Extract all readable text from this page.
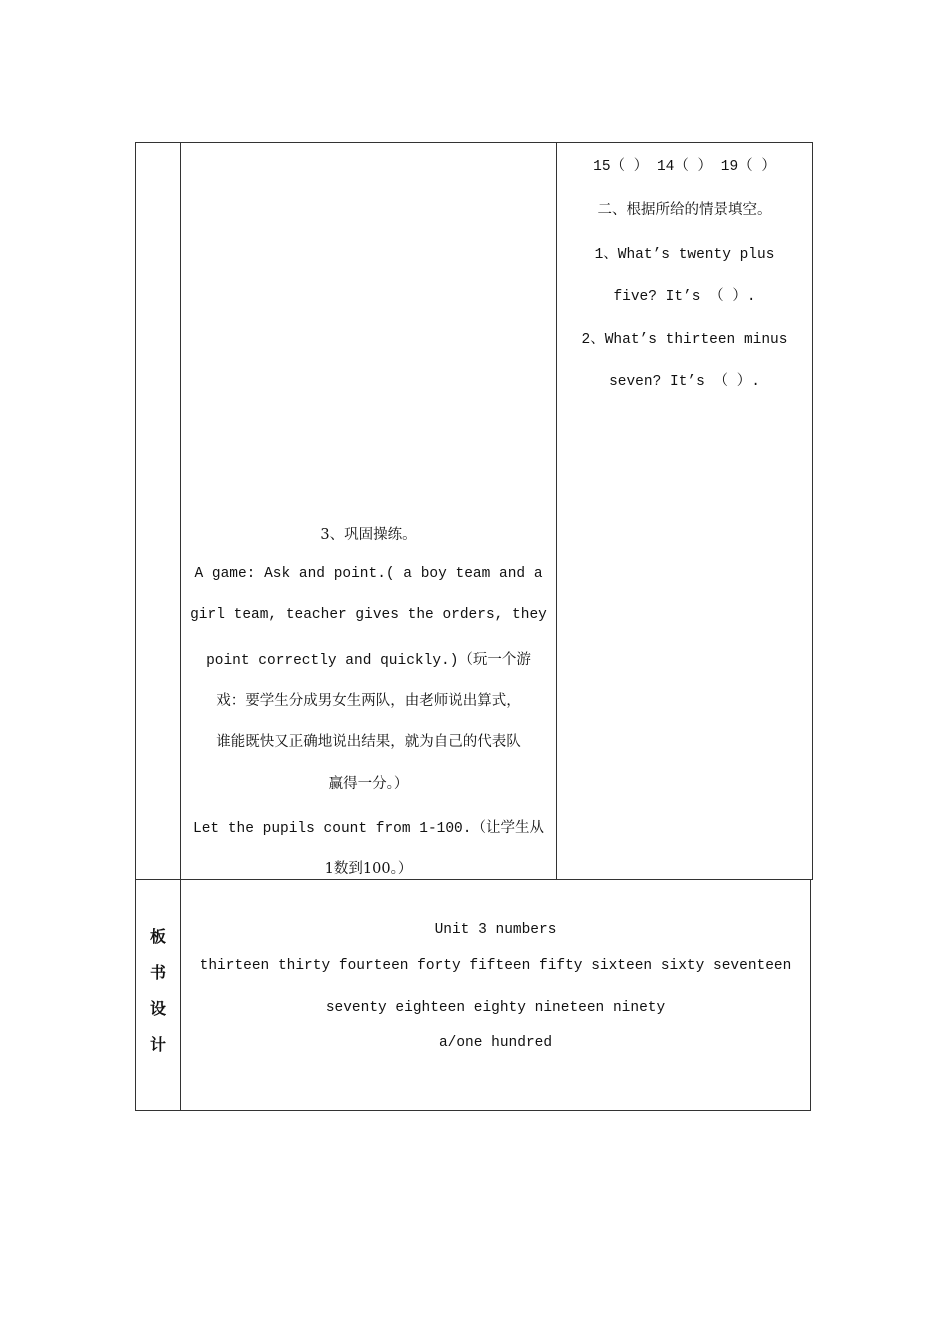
15（ ） 14（ ） 19（ ）
二、根据所给的情景填空。
1、What’s twenty plus
five? It’s （ ）.
2、What’s thirteen minus
seven? It’s （ ）.
3、巩固操练。
A game: Ask and point.( a boy team and a
girl team, teacher gives the orders, they
point correctly and quickly.)（玩一个游
戏：要学生分成男女生两队，由老师说出算式，
谁能既快又正确地说出结果，就为自己的代表队
赢得一分。）
Let the pupils count from 1-100.（让学生从
1数到100。）
板
书
设
计
Unit 3 numbers
thirteen thirty fourteen forty fifteen fifty sixteen sixty seventeen
seventy eighteen eighty nineteen ninety
a/one hundred
